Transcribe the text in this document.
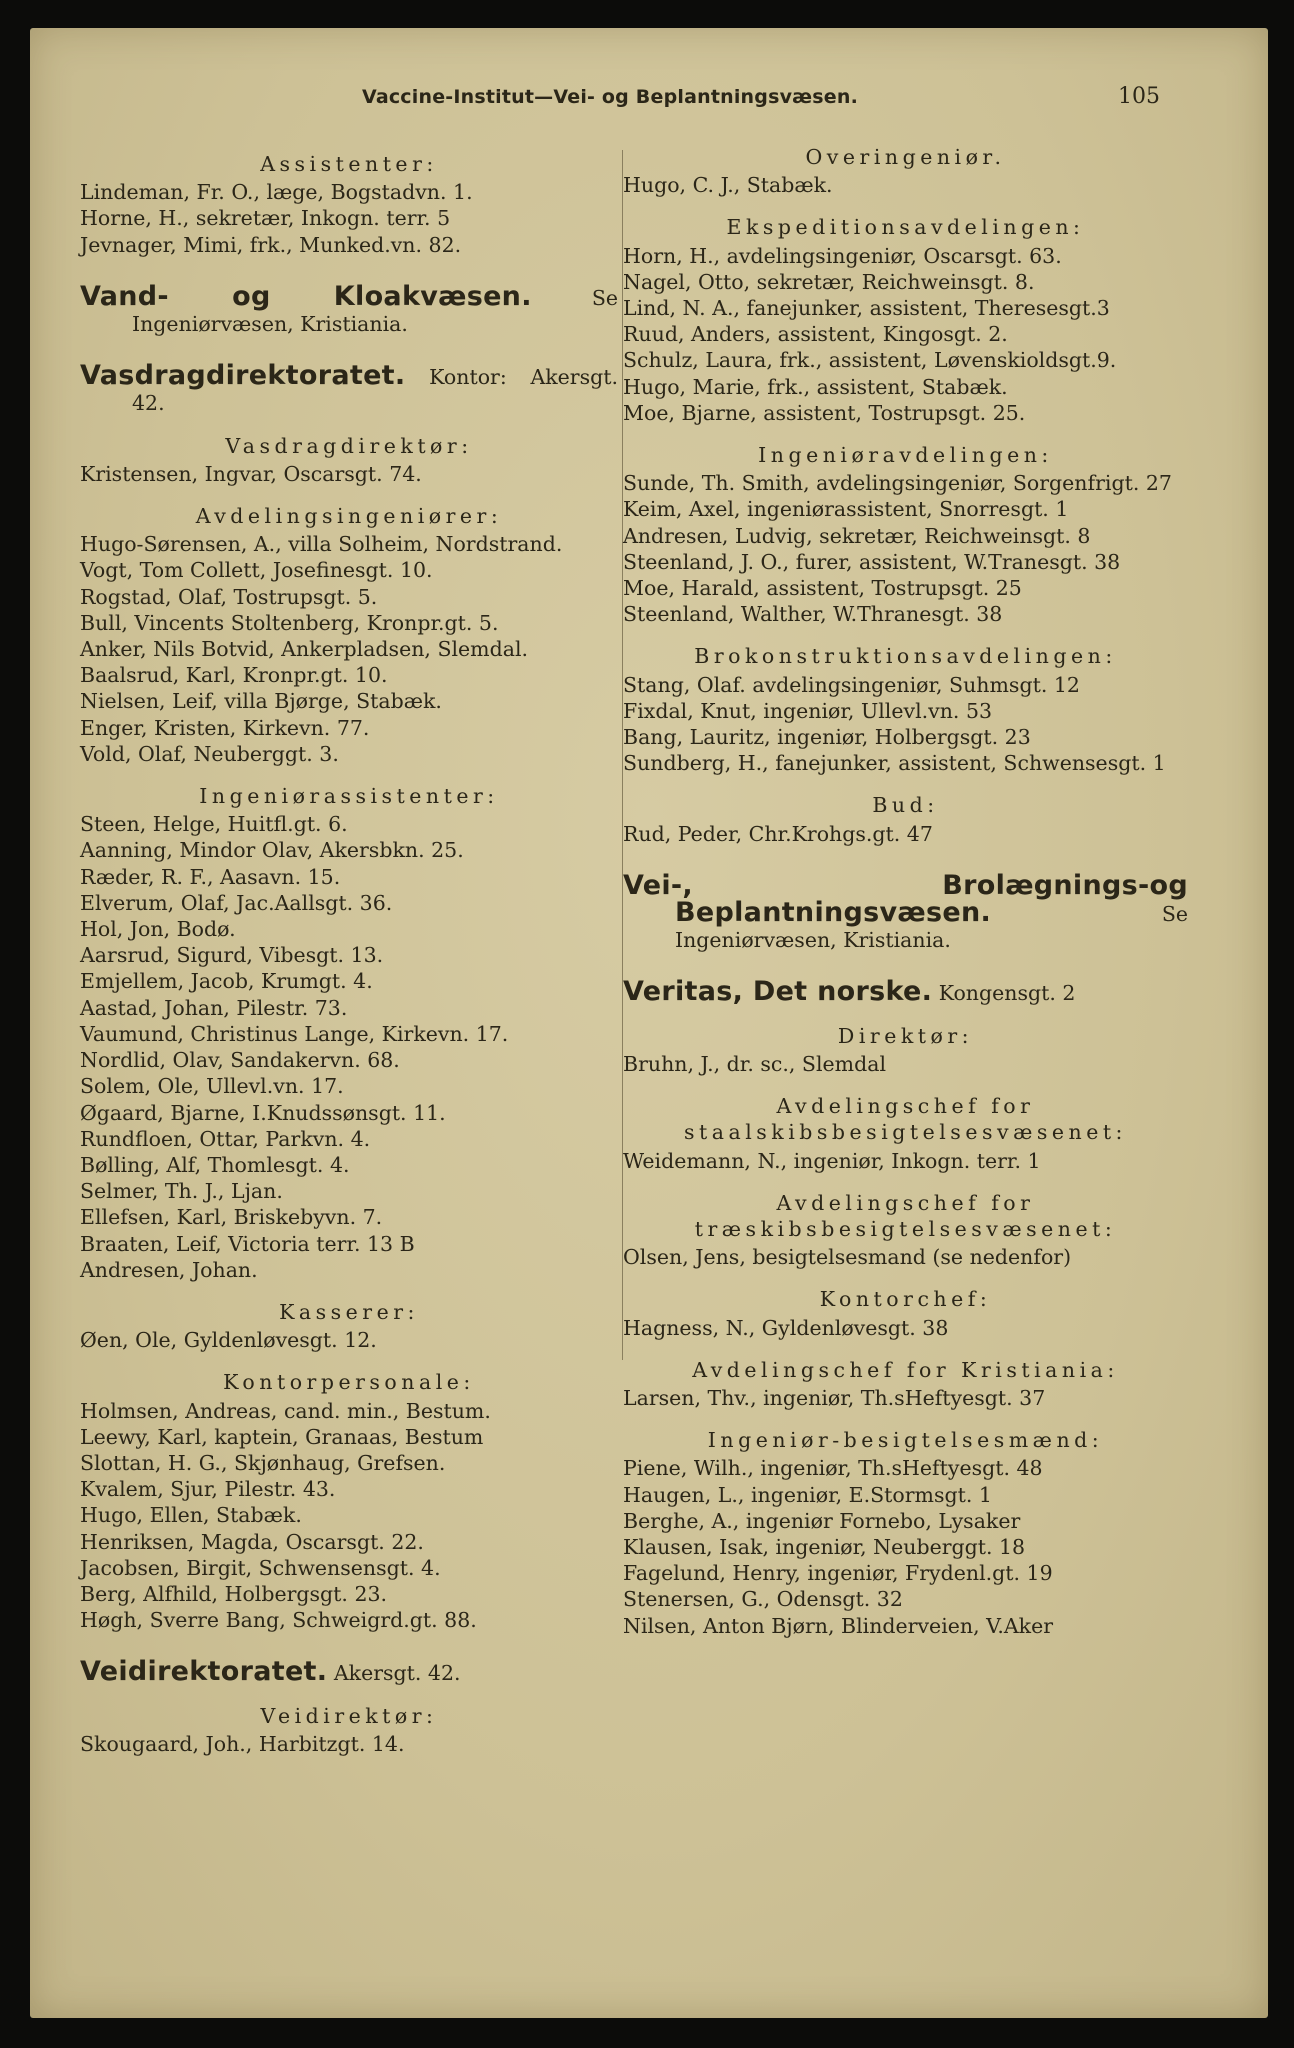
Vaccine-Institut—Vei- og Beplantningsvæsen.	105
Assistenter:
Lindeman, Fr. O., læge, Bogstadvn. 1.
Horne, H., sekretær, Inkogn. terr. 5
Jevnager, Mimi, frk., Munked.vn. 82.
Vand- og Kloakvæsen.	Se Ingeniørvæsen, Kristiania.
Vasdragdirektoratet. Kontor: Akersgt. 42.
Vasdragdirektør:
Kristensen, Ingvar, Oscarsgt. 74.
Avdelingsingeniører:
Hugo-Sørensen, A., villa Solheim, Nordstrand.
Vogt, Tom Collett, Josefinesgt. 10.
Rogstad, Olaf, Tostrupsgt. 5.
Bull, Vincents Stoltenberg, Kronpr.gt. 5.
Anker, Nils Botvid, Ankerpladsen, Slemdal.
Baalsrud, Karl, Kronpr.gt. 10.
Nielsen, Leif, villa Bjørge, Stabæk.
Enger, Kristen, Kirkevn. 77.
Vold, Olaf, Neuberggt. 3.
Ingeniørassistenter:
Steen, Helge, Huitfl.gt. 6.
Aanning, Mindor Olav, Akersbkn. 25.
Ræder, R. F., Aasavn. 15.
Elverum, Olaf, Jac.Aallsgt. 36.
Hol, Jon, Bodø.
Aarsrud, Sigurd, Vibesgt. 13.
Emjellem, Jacob, Krumgt. 4.
Aastad, Johan, Pilestr. 73.
Vaumund, Christinus Lange, Kirkevn. 17.
Nordlid, Olav, Sandakervn. 68.
Solem, Ole, Ullevl.vn. 17.
Øgaard, Bjarne, I.Knudssønsgt. 11.
Rundfloen, Ottar, Parkvn. 4.
Bølling, Alf, Thomlesgt. 4.
Selmer, Th. J., Ljan.
Ellefsen, Karl, Briskebyvn. 7.
Braaten, Leif, Victoria terr. 13 B
Andresen, Johan.
Kasserer:
Øen, Ole, Gyldenløvesgt. 12.
Kontorpersonale:
Holmsen, Andreas, cand. min., Bestum.
Leewy, Karl, kaptein, Granaas, Bestum
Slottan, H. G., Skjønhaug, Grefsen.
Kvalem, Sjur, Pilestr. 43.
Hugo, Ellen, Stabæk.
Henriksen, Magda, Oscarsgt. 22.
Jacobsen, Birgit, Schwensensgt. 4.
Berg, Alfhild, Holbergsgt. 23.
Høgh, Sverre Bang, Schweigrd.gt. 88.
Veidirektoratet. Akersgt. 42.
Veidirektør:
Skougaard, Joh., Harbitzgt. 14.
Overingeniør.
Hugo, C. J., Stabæk.
Ekspeditionsavdelingen:
Horn, H., avdelingsingeniør, Oscarsgt. 63.
Nagel, Otto, sekretær, Reichweinsgt. 8.
Lind, N. A., fanejunker, assistent, Theresesgt.3
Ruud, Anders, assistent, Kingosgt. 2.
Schulz, Laura, frk., assistent, Løvenskioldsgt.9.
Hugo, Marie, frk., assistent, Stabæk.
Moe, Bjarne, assistent, Tostrupsgt. 25.
Ingeniøravdelingen:
Sunde, Th. Smith, avdelingsingeniør, Sorgenfrigt. 27
Keim, Axel, ingeniørassistent, Snorresgt. 1
Andresen, Ludvig, sekretær, Reichweinsgt. 8
Steenland, J. O., furer, assistent, W.Tranesgt. 38
Moe, Harald, assistent, Tostrupsgt. 25
Steenland, Walther, W.Thranesgt. 38
Brokonstruktionsavdelingen:
Stang, Olaf. avdelingsingeniør, Suhmsgt. 12
Fixdal, Knut, ingeniør, Ullevl.vn. 53
Bang, Lauritz, ingeniør, Holbergsgt. 23
Sundberg, H., fanejunker, assistent, Schwensesgt. 1
Bud:
Rud, Peder, Chr.Krohgs.gt. 47
Vei-, Brolægnings-og Beplantningsvæsen.	Se Ingeniørvæsen, Kristiania.
Veritas, Det norske. Kongensgt. 2
Direktør:
Bruhn, J., dr. sc., Slemdal
Avdelingschef for staalskibsbesigtelsesvæsenet:
Weidemann, N., ingeniør, Inkogn. terr. 1
Avdelingschef for træskibsbesigtelsesvæsenet:
Olsen, Jens, besigtelsesmand (se nedenfor)
Kontorchef:
Hagness, N., Gyldenløvesgt. 38
Avdelingschef for Kristiania:
Larsen, Thv., ingeniør, Th.sHeftyesgt. 37
Ingeniør-besigtelsesmænd:
Piene, Wilh., ingeniør, Th.sHeftyesgt. 48
Haugen, L., ingeniør, E.Stormsgt. 1
Berghe, A., ingeniør Fornebo, Lysaker
Klausen, Isak, ingeniør, Neuberggt. 18
Fagelund, Henry, ingeniør, Frydenl.gt. 19
Stenersen, G., Odensgt. 32
Nilsen, Anton Bjørn, Blinderveien, V.Aker
